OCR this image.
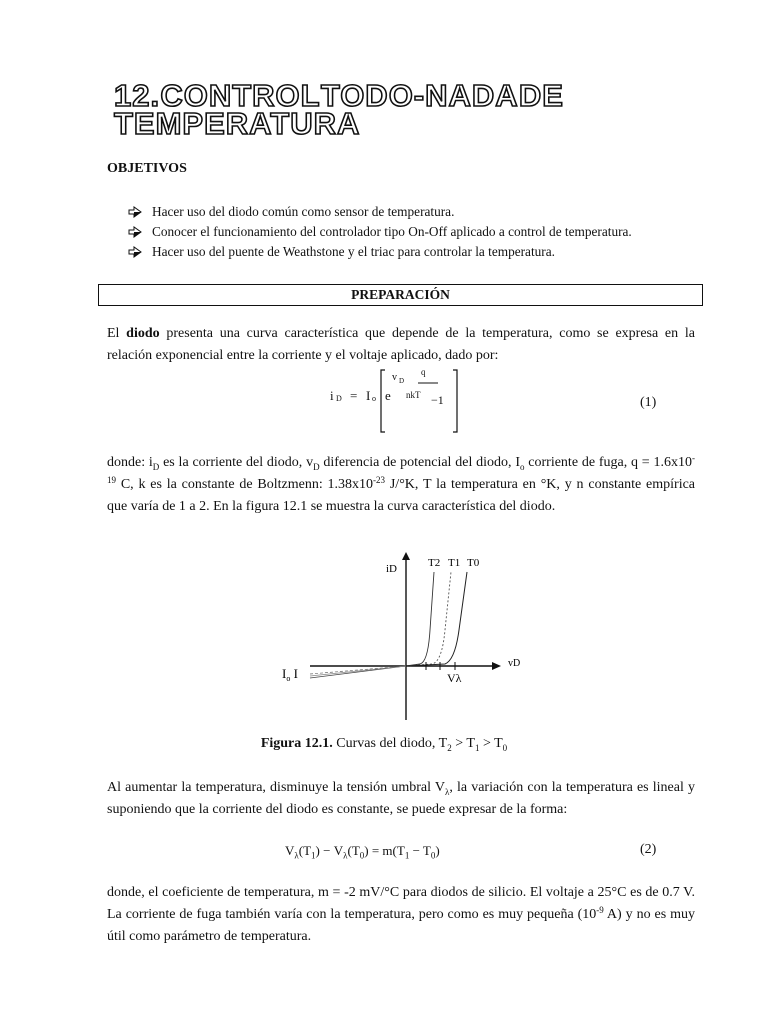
12. CONTROL TODO-NADA DE
TEMPERATURA
OBJETIVOS
Hacer uso del diodo común como sensor de temperatura.
Conocer el funcionamiento del controlador tipo On-Off aplicado a control de temperatura.
Hacer uso del puente de Weathstone y el triac para controlar la temperatura.
PREPARACIÓN

El diodo presenta una curva característica que depende de la temperatura, como se expresa en la relación exponencial entre la corriente y el voltaje aplicado, dado por:

i D = I o e
v D
q
nkT −1	(1)

donde: $i_D$ es la corriente del diodo, $v_D$ diferencia de potencial del diodo, $I_o$ corriente de fuga, $q = 1.6x10^{-19}$ C, k es la constante de Boltzmenn: $1.38x10^{-23}$ J/°K, T la temperatura en °K, y n constante empírica que varía de 1 a 2. En la figura 12.1 se muestra la curva característica del diodo.

iD
vD
T2 T1 T0
$I_o$ I	Vλ
Figura 12.1. Curvas del diodo, $T_2 > T_1 > T_0$

Al aumentar la temperatura, disminuye la tensión umbral $V_\lambda$, la variación con la temperatura es lineal y suponiendo que la corriente del diodo es constante, se puede expresar de la forma:

$V_\lambda(T_1) - V_\lambda(T_0) = m(T_1 - T_0)$	(2)

donde, el coeficiente de temperatura, m = -2 mV/°C para diodos de silicio. El voltaje a 25°C es de 0.7 V. La corriente de fuga también varía con la temperatura, pero como es muy pequeña ($10^{-9}$ A) y no es muy útil como parámetro de temperatura.
